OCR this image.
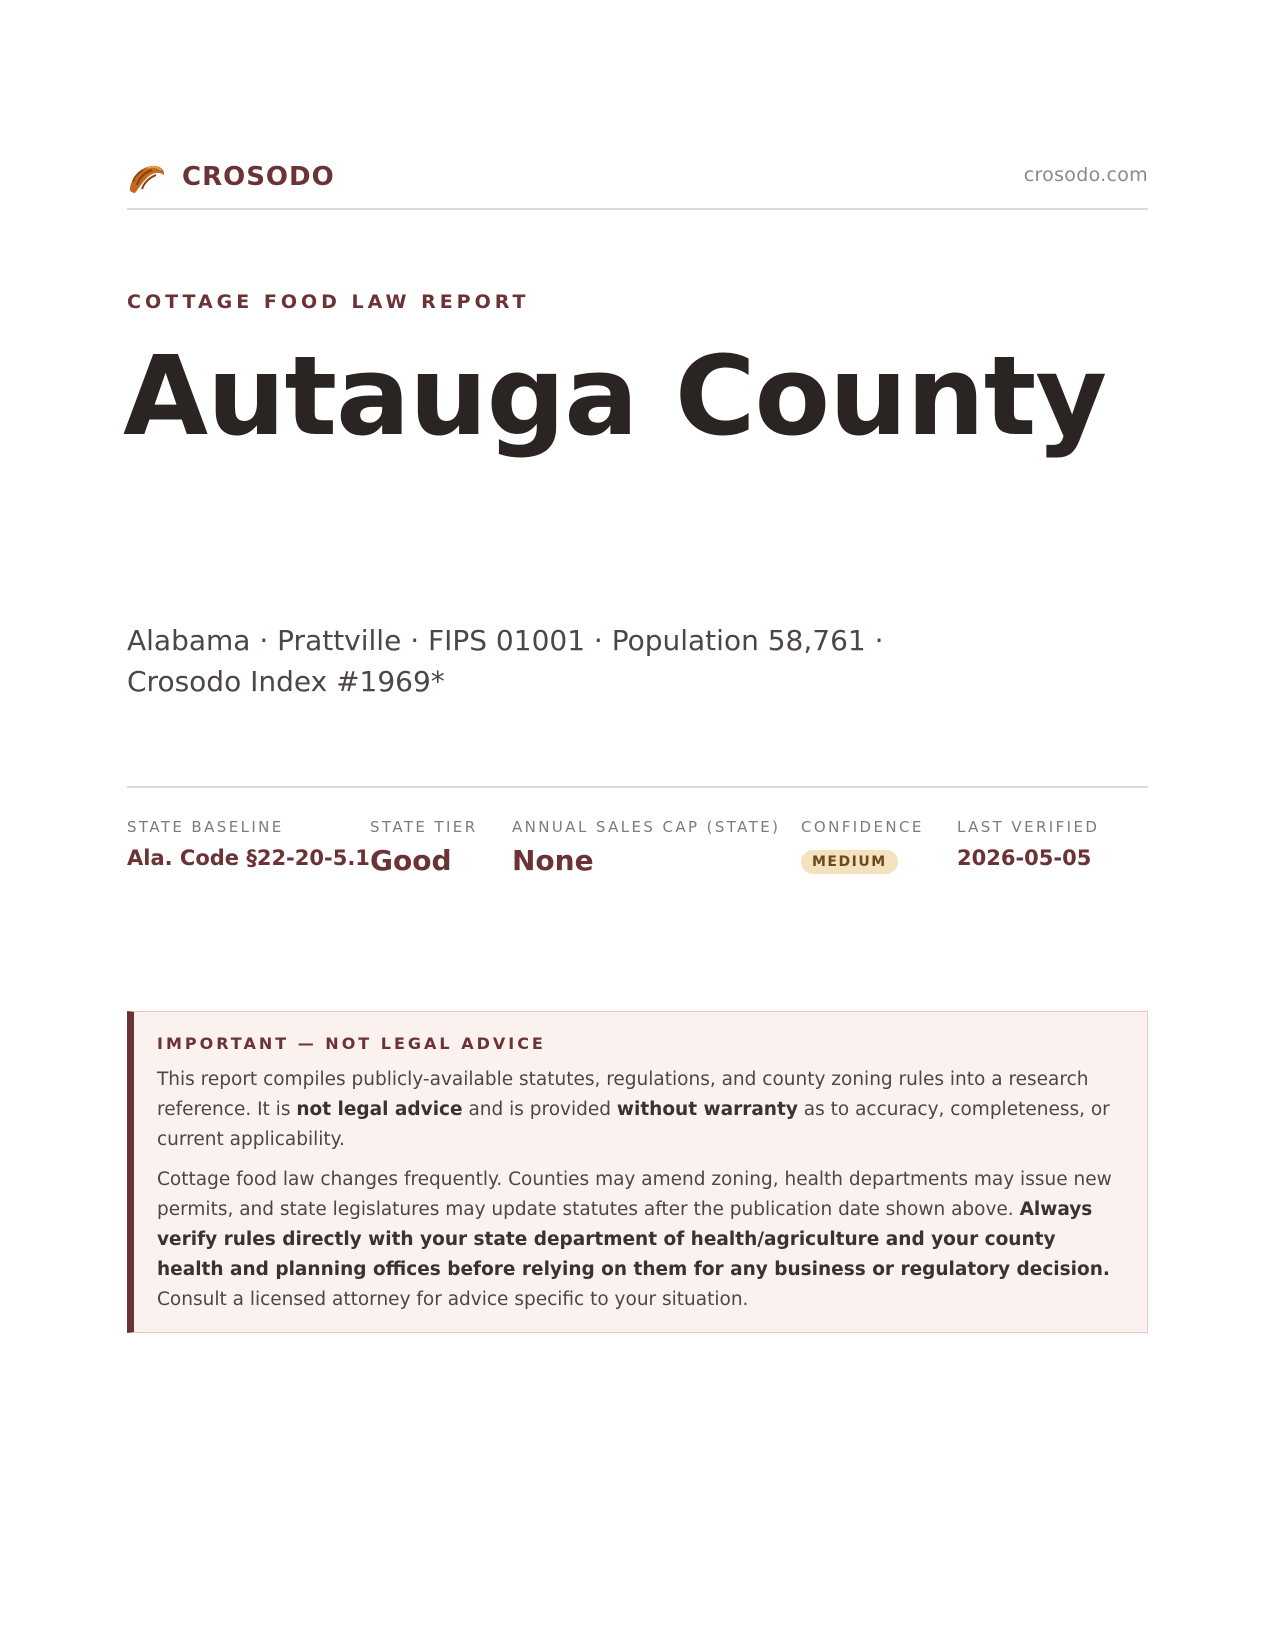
CROSODO	crosodo.com
COTTAGE FOOD LAW REPORT
Autauga County
Alabama · Prattville · FIPS 01001 · Population 58,761 ·
Crosodo Index #1969*
STATE BASELINE
Ala. Code §22-20-5.1
STATE TIER
Good
ANNUAL SALES CAP (STATE)
None
CONFIDENCE
MEDIUM
LAST VERIFIED
2026-05-05
IMPORTANT — NOT LEGAL ADVICE

This report compiles publicly-available statutes, regulations, and county zoning rules into a research reference. It is not legal advice and is provided without warranty as to accuracy, completeness, or current applicability.

Cottage food law changes frequently. Counties may amend zoning, health departments may issue new permits, and state legislatures may update statutes after the publication date shown above. Always verify rules directly with your state department of health/agriculture and your county health and planning offices before relying on them for any business or regulatory decision. Consult a licensed attorney for advice specific to your situation.
